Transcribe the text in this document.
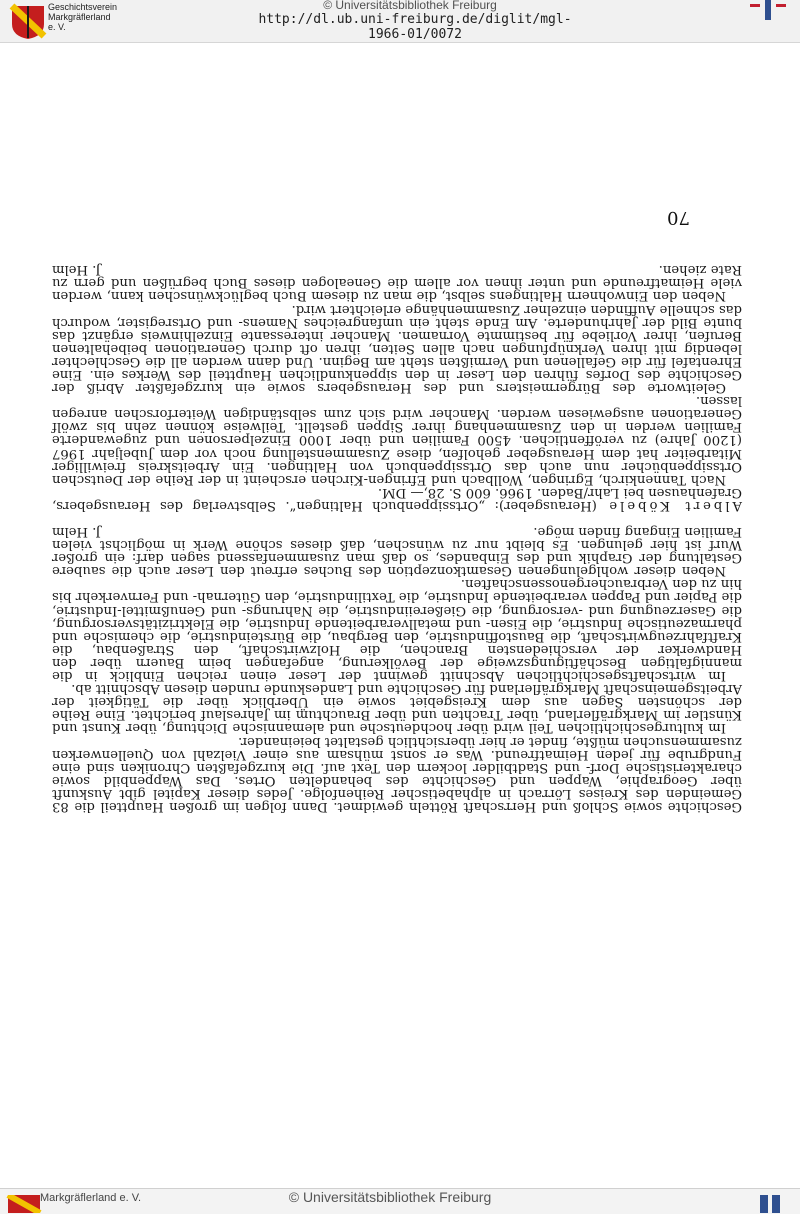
http://dl.ub.uni-freiburg.de/diglit/mgl-1966-01/0072
© Universitätsbibliothek Freiburg
Geschichtsverein
Markgräflerland e. V.
© Universitätsbibliothek Freiburg
Markgräflerland e. V.
70

Geschichte sowie Schloß und Herrschaft Rötteln gewidmet. Dann folgen im großen Hauptteil die 83 Gemeinden des Kreises Lörrach in alphabetischer Reihenfolge. Jedes dieser Kapitel gibt Auskunft über Geographie, Wappen und Geschichte des behandelten Ortes. Das Wappenbild sowie charakteristische Dorf- und Stadtbilder lockern den Text auf. Die kurzgefaßten Chroniken sind eine Fundgrube für jeden Heimatfreund. Was er sonst mühsam aus einer Vielzahl von Quellenwerken zusammensuchen müßte, findet er hier übersichtlich gestaltet beieinander.

Im kulturgeschichtlichen Teil wird über hochdeutsche und alemannische Dichtung, über Kunst und Künstler im Markgräflerland, über Trachten und über Brauchtum im Jahreslauf berichtet. Eine Reihe der schönsten Sagen aus dem Kreisgebiet sowie ein Überblick über die Tätigkeit der Arbeitsgemeinschaft Markgräflerland für Geschichte und Landeskunde runden diesen Abschnitt ab.

Im wirtschaftsgeschichtlichen Abschnitt gewinnt der Leser einen reichen Einblick in die mannigfaltigen Beschäftigungszweige der Bevölkerung, angefangen beim Bauern über den Handwerker der verschiedensten Branchen, die Holzwirtschaft, den Straßenbau, die Kraftfahrzeugwirtschaft, die Baustoffindustrie, den Bergbau, die Bürsteindustrie, die chemische und pharmazeutische Industrie, die Eisen- und metallverarbeitende Industrie, die Elektrizitätsversorgung, die Gaserzeugung und -versorgung, die Gießereiindustrie, die Nahrungs- und Genußmittel-Industrie, die Papier und Pappen verarbeitende Industrie, die Textilindustrie, den Güternah- und Fernverkehr bis hin zu den Verbrauchergenossenschaften.

Neben dieser wohlgelungenen Gesamtkonzeption des Buches erfreut den Leser auch die saubere Gestaltung der Graphik und des Einbandes, so daß man zusammenfassend sagen darf: ein großer Wurf ist hier gelungen. Es bleibt nur zu wünschen, daß dieses schöne Werk in möglichst vielen Familien Eingang finden möge.
J. Helm

Albert Köbele (Herausgeber): „Ortssippenbuch Haltingen“. Selbstverlag des Herausgebers, Grafenhausen bei Lahr/Baden. 1966. 600 S. 28,— DM.

Nach Tannenkirch, Egringen, Wollbach und Efringen-Kirchen erscheint in der Reihe der Deutschen Ortssippenbücher nun auch das Ortssippenbuch von Haltingen. Ein Arbeitskreis freiwilliger Mitarbeiter hat dem Herausgeber geholfen, diese Zusammenstellung noch vor dem Jubeljahr 1967 (1200 Jahre) zu veröffentlichen. 4500 Familien und über 1000 Einzelpersonen und zugewanderte Familien werden in den Zusammenhang ihrer Sippen gestellt. Teilweise können zehn bis zwölf Generationen ausgewiesen werden. Mancher wird sich zum selbständigen Weiterforschen anregen lassen.

Geleitworte des Bürgermeisters und des Herausgebers sowie ein kurzgefaßter Abriß der Geschichte des Dorfes führen den Leser in den sippenkundlichen Hauptteil des Werkes ein. Eine Ehrentafel für die Gefallenen und Vermißten steht am Beginn. Und dann werden all die Geschlechter lebendig mit ihren Verknüpfungen nach allen Seiten, ihren oft durch Generationen beibehaltenen Berufen, ihrer Vorliebe für bestimmte Vornamen. Mancher interessante Einzelhinweis ergänzt das bunte Bild der Jahrhunderte. Am Ende steht ein umfangreiches Namens- und Ortsregister, wodurch das schnelle Auffinden einzelner Zusammenhänge erleichtert wird.

Neben den Einwohnern Haltingens selbst, die man zu diesem Buch beglückwünschen kann, werden viele Heimatfreunde und unter ihnen vor allem die Genealogen dieses Buch begrüßen und gern zu Rate ziehen.
J. Helm
